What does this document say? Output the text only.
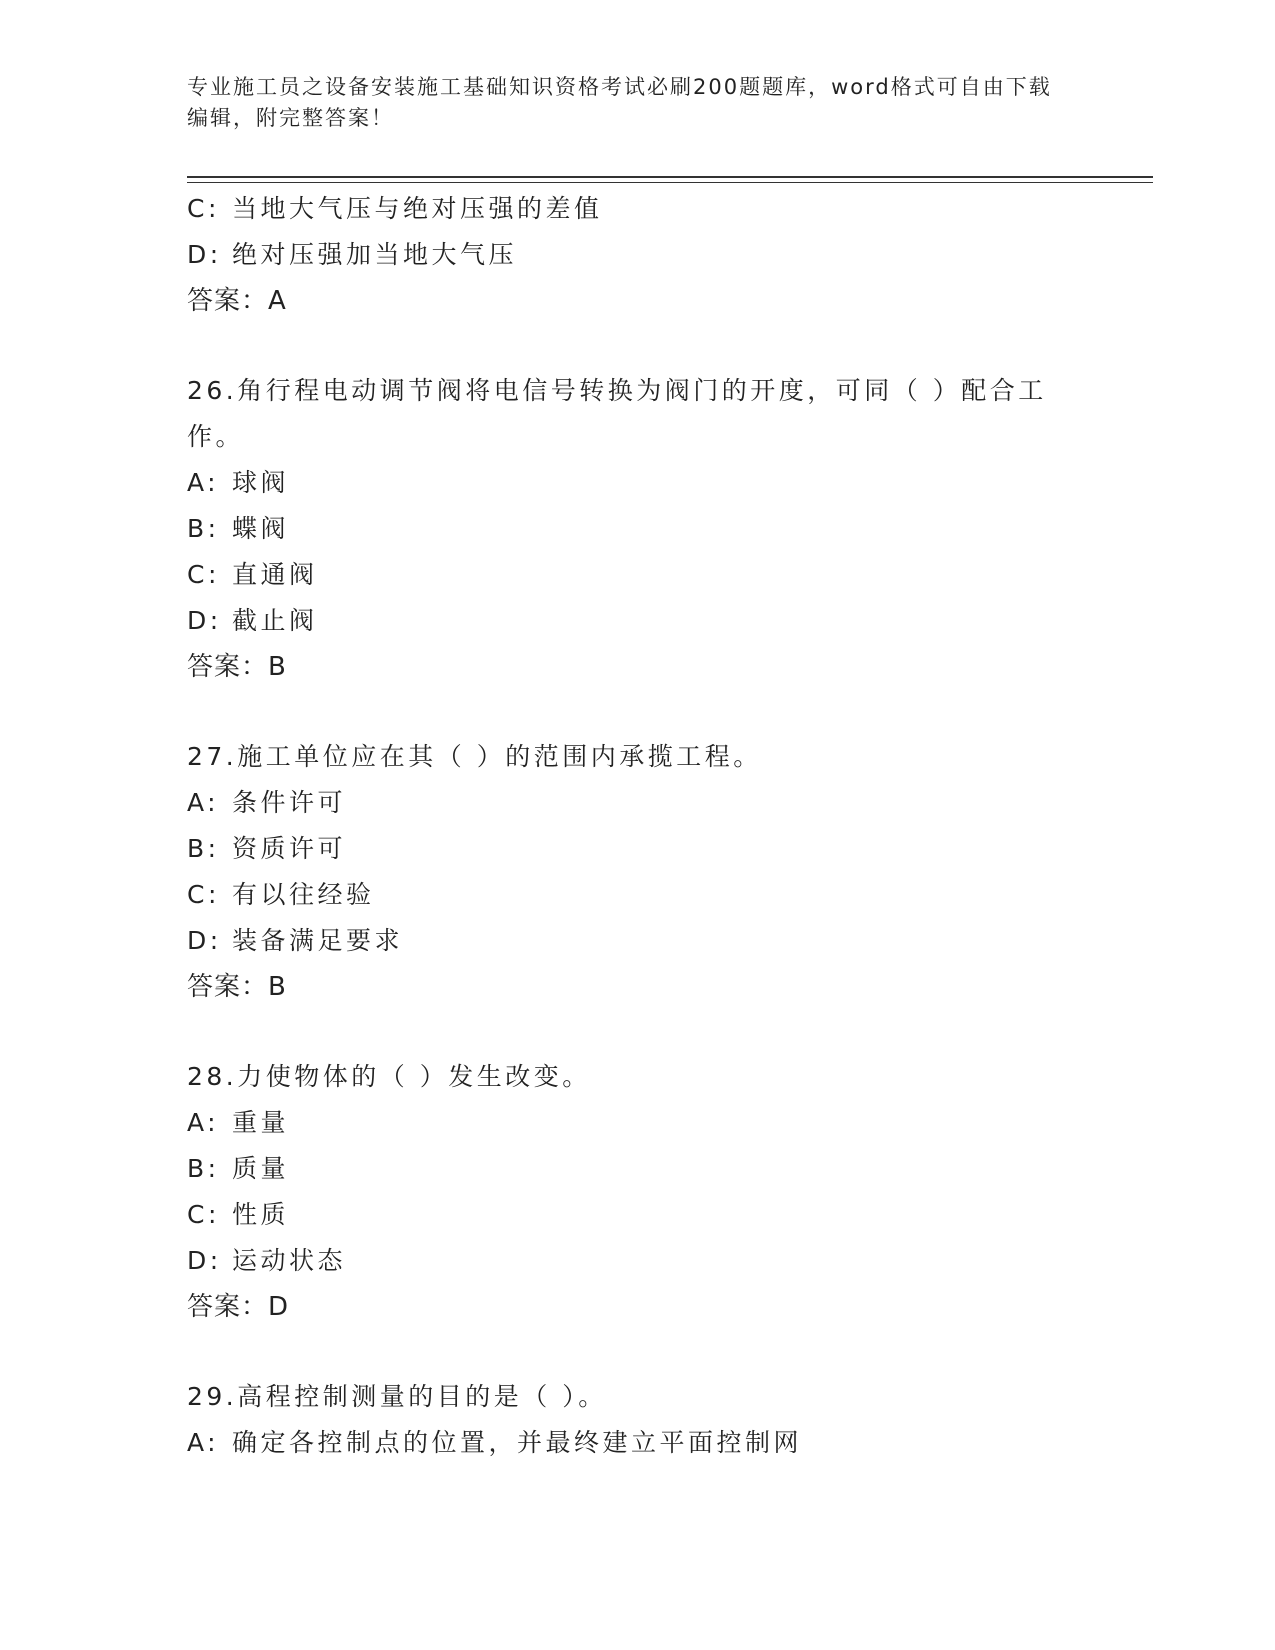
专业施工员之设备安装施工基础知识资格考试必刷200题题库，word格式可自由下载编辑，附完整答案！
C: 当地大气压与绝对压强的差值
D: 绝对压强加当地大气压
答案：A
26.角行程电动调节阀将电信号转换为阀门的开度，可同（ ）配合工作。
A: 球阀
B: 蝶阀
C: 直通阀
D: 截止阀
答案：B
27.施工单位应在其（ ）的范围内承揽工程。
A: 条件许可
B: 资质许可
C: 有以往经验
D: 装备满足要求
答案：B
28.力使物体的（ ）发生改变。
A: 重量
B: 质量
C: 性质
D: 运动状态
答案：D
29.高程控制测量的目的是（ ）。
A: 确定各控制点的位置，并最终建立平面控制网
